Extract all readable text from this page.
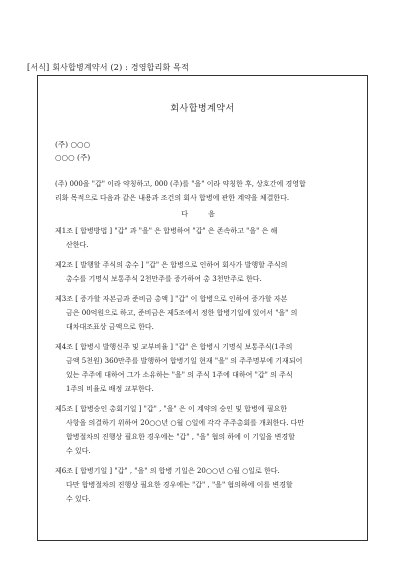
[서식] 회사합병계약서 (2) : 경영합리화 목적
회사합병계약서
(주) ○○○
○○○ (주)
(주) 000을 "갑" 이라 약칭하고, 000 (주)를 "을" 이라 약칭한 후, 상호간에 경영합
리화 목적으로 다음과 같은 내용과 조건의 회사 합병에 관한 계약을 체결한다.
다 음
제1조 [ 합병방법 ] "갑" 과 "을" 은 합병하여 "갑" 은 존속하고 "을" 은 해
산한다.
제2조 [ 발행할 주식의 총수 ] "갑" 은 합병으로 인하여 회사가 발행할 주식의
총수를 기명식 보통주식 2천만주를 증가하여 총 3천만주로 한다.
제3조 [ 증가할 자본금과 준비금 총액 ] "갑" 이 합병으로 인하여 증가할 자본
금은 00억원으로 하고, 준비금은 제5조에서 정한 합병기일에 있어서 "을" 의
대차대조표상 금액으로 한다.
제4조 [ 합병시 발행신주 및 교부비율 ] "갑" 은 합병시 기명식 보통주식(1주의
금액 5천원) 360만주를 발행하여 합병기일 현재 "을" 의 주주명부에 기재되어
있는 주주에 대하여 그가 소유하는 "을" 의 주식 1주에 대하여 "갑" 의 주식
1주의 비율로 배정 교부한다.
제5조 [ 합병승인 총회기일 ] "갑" , "을" 은 이 계약의 승인 및 합병에 필요한
사항을 의결하기 위하여 20○○년 ○월 ○일에 각각 주주총회를 개최한다. 다만
합병절차의 진행상 필요한 경우에는 "갑" , "을" 협의 하에 이 기일을 변경할
수 있다.
제6조 [ 합병기일 ] "갑" , "을" 의 합병 기일은 20○○년 ○월 ○일로 한다.
다만 합병절차의 진행상 필요한 경우에는 "갑" , "을" 협의하에 이를 변경할
수 있다.
